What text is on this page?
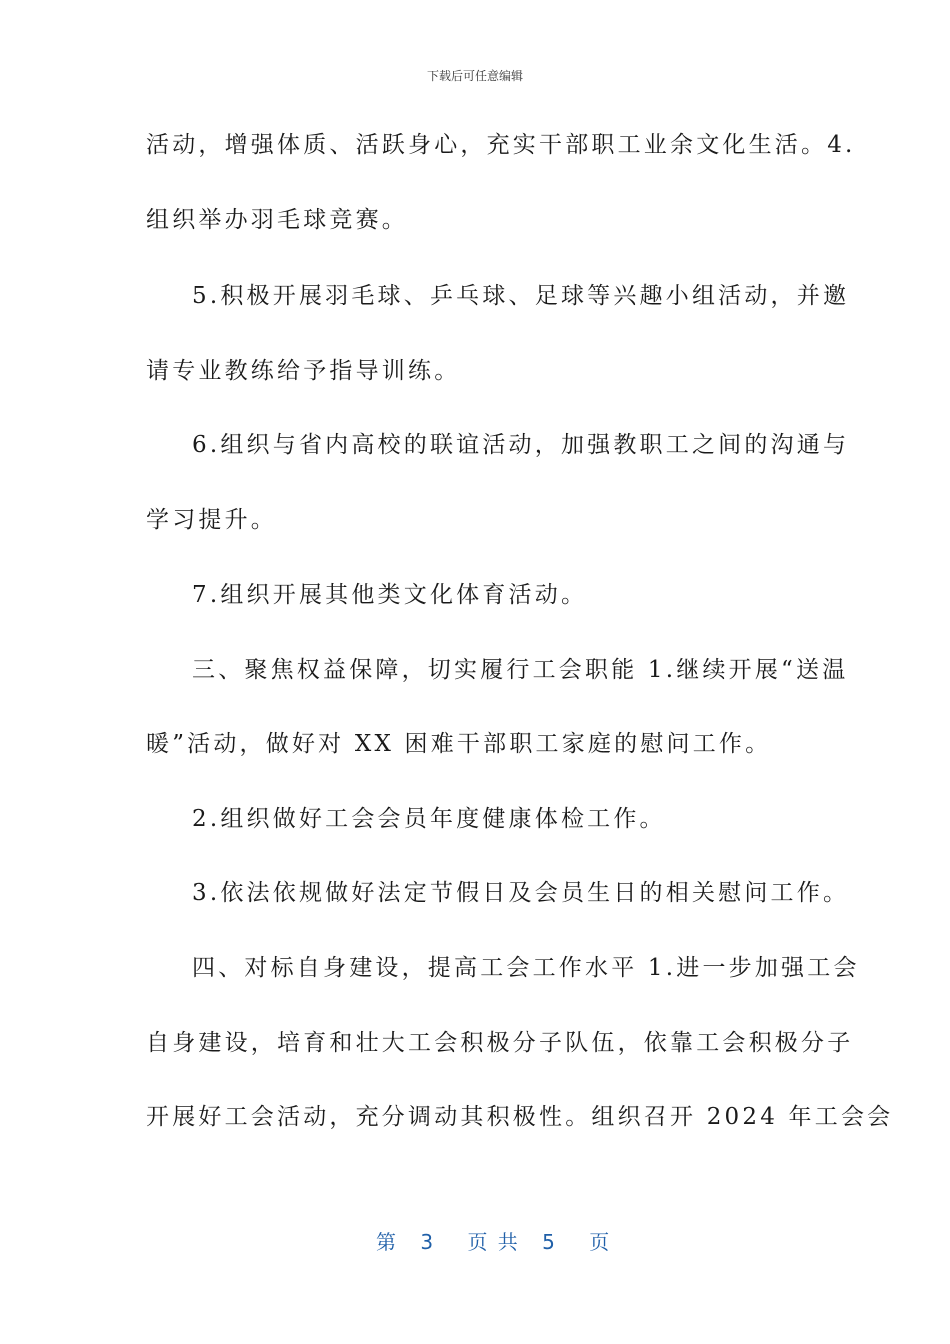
下载后可任意编辑
活动，增强体质、活跃身心，充实干部职工业余文化生活。4.
组织举办羽毛球竞赛。
5.积极开展羽毛球、乒乓球、足球等兴趣小组活动，并邀
请专业教练给予指导训练。
6.组织与省内高校的联谊活动，加强教职工之间的沟通与
学习提升。
7.组织开展其他类文化体育活动。
三、聚焦权益保障，切实履行工会职能 1.继续开展“送温
暖”活动，做好对 XX 困难干部职工家庭的慰问工作。
2.组织做好工会会员年度健康体检工作。
3.依法依规做好法定节假日及会员生日的相关慰问工作。
四、对标自身建设，提高工会工作水平 1.进一步加强工会
自身建设，培育和壮大工会积极分子队伍，依靠工会积极分子
开展好工会活动，充分调动其积极性。组织召开 2024 年工会会
第 3 页 共 5 页
